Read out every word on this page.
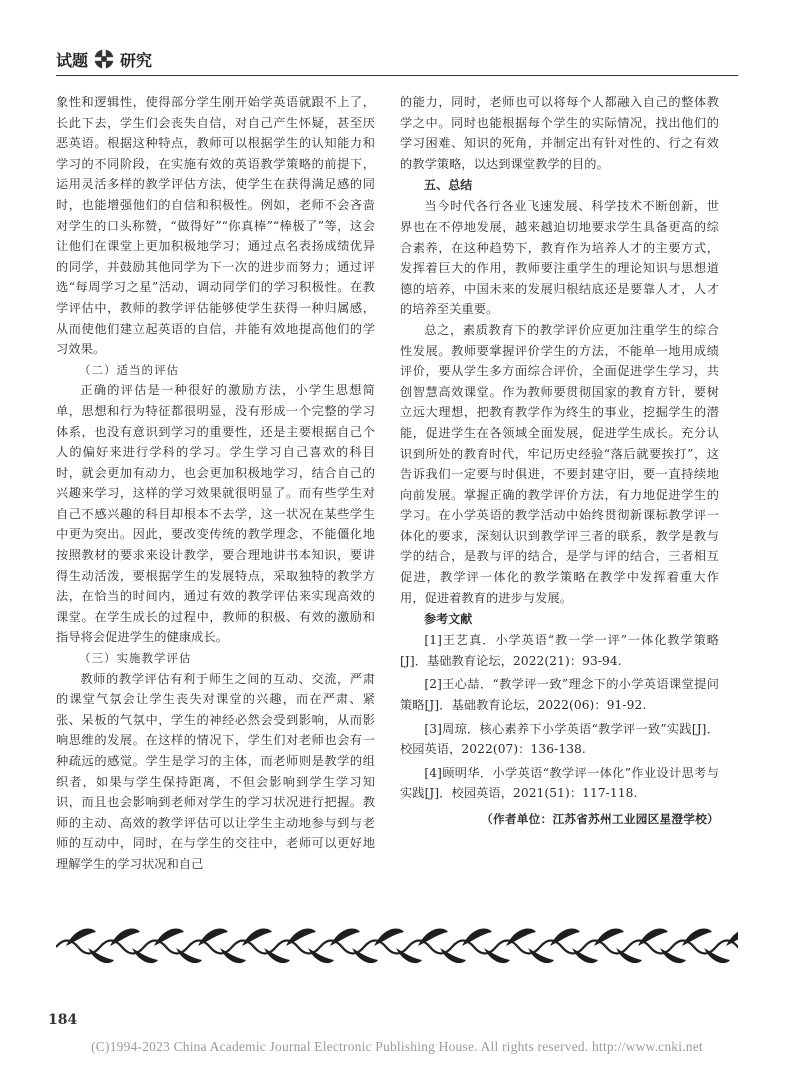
试题 研究

象性和逻辑性，使得部分学生刚开始学英语就跟不上了，长此下去，学生们会丧失自信，对自己产生怀疑，甚至厌恶英语。根据这种特点，教师可以根据学生的认知能力和学习的不同阶段，在实施有效的英语教学策略的前提下，运用灵活多样的教学评估方法，使学生在获得满足感的同时，也能增强他们的自信和积极性。例如，老师不会吝啬对学生的口头称赞，“做得好”“你真棒”“棒极了”等，这会让他们在课堂上更加积极地学习；通过点名表扬成绩优异的同学，并鼓励其他同学为下一次的进步而努力；通过评选“每周学习之星”活动，调动同学们的学习积极性。在教学评估中，教师的教学评估能够使学生获得一种归属感，从而使他们建立起英语的自信，并能有效地提高他们的学习效果。

（二）适当的评估

正确的评估是一种很好的激励方法，小学生思想简单，思想和行为特征都很明显，没有形成一个完整的学习体系，也没有意识到学习的重要性，还是主要根据自己个人的偏好来进行学科的学习。学生学习自己喜欢的科目时，就会更加有动力，也会更加积极地学习，结合自己的兴趣来学习，这样的学习效果就很明显了。而有些学生对自己不感兴趣的科目却根本不去学，这一状况在某些学生中更为突出。因此，要改变传统的教学理念，不能僵化地按照教材的要求来设计教学，要合理地讲书本知识，要讲得生动活泼，要根据学生的发展特点，采取独特的教学方法，在恰当的时间内，通过有效的教学评估来实现高效的课堂。在学生成长的过程中，教师的积极、有效的激励和指导将会促进学生的健康成长。

（三）实施教学评估

教师的教学评估有利于师生之间的互动、交流，严肃的课堂气氛会让学生丧失对课堂的兴趣，而在严肃、紧张、呆板的气氛中，学生的神经必然会受到影响，从而影响思维的发展。在这样的情况下，学生们对老师也会有一种疏远的感觉。学生是学习的主体，而老师则是教学的组织者，如果与学生保持距离，不但会影响到学生学习知识，而且也会影响到老师对学生的学习状况进行把握。教师的主动、高效的教学评估可以让学生主动地参与到与老师的互动中，同时，在与学生的交往中，老师可以更好地理解学生的学习状况和自己

的能力，同时，老师也可以将每个人都融入自己的整体教学之中。同时也能根据每个学生的实际情况，找出他们的学习困难、知识的死角，并制定出有针对性的、行之有效的教学策略，以达到课堂教学的目的。

五、总结

当今时代各行各业飞速发展、科学技术不断创新，世界也在不停地发展，越来越迫切地要求学生具备更高的综合素养，在这种趋势下，教育作为培养人才的主要方式，发挥着巨大的作用，教师要注重学生的理论知识与思想道德的培养，中国未来的发展归根结底还是要靠人才，人才的培养至关重要。

总之，素质教育下的教学评价应更加注重学生的综合性发展。教师要掌握评价学生的方法，不能单一地用成绩评价，要从学生多方面综合评价，全面促进学生学习，共创智慧高效课堂。作为教师要贯彻国家的教育方针，要树立远大理想，把教育教学作为终生的事业，挖掘学生的潜能，促进学生在各领域全面发展，促进学生成长。充分认识到所处的教育时代，牢记历史经验“落后就要挨打”，这告诉我们一定要与时俱进，不要封建守旧，要一直持续地向前发展。掌握正确的教学评价方法，有力地促进学生的学习。在小学英语的教学活动中始终贯彻新课标教学评一体化的要求，深刻认识到教学评三者的联系，教学是教与学的结合，是教与评的结合，是学与评的结合，三者相互促进，教学评一体化的教学策略在教学中发挥着重大作用，促进着教育的进步与发展。

参考文献

[1]王艺真．小学英语“教一学一评”一体化教学策略[J]．基础教育论坛，2022(21)：93-94.

[2]王心喆．“教学评一致”理念下的小学英语课堂提问策略[J]．基础教育论坛，2022(06)：91-92.

[3]周琼．核心素养下小学英语“教学评一致”实践[J]．校园英语，2022(07)：136-138.

[4]顾明华．小学英语“教学评一体化”作业设计思考与实践[J]．校园英语，2021(51)：117-118.

（作者单位：江苏省苏州工业园区星澄学校）
184
(C)1994-2023 China Academic Journal Electronic Publishing House. All rights reserved. http://www.cnki.net
